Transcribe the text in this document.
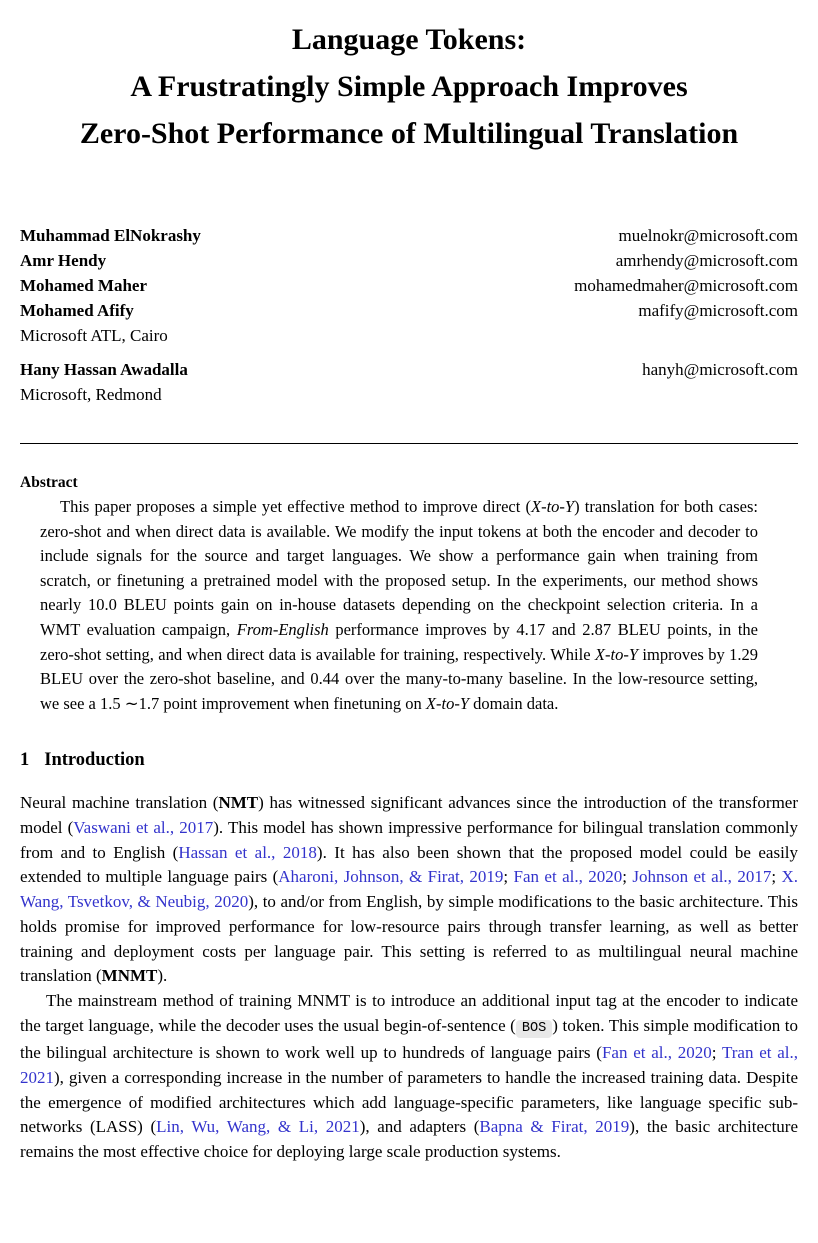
Language Tokens:
A Frustratingly Simple Approach Improves
Zero-Shot Performance of Multilingual Translation
Muhammad ElNokrashy	muelnokr@microsoft.com
Amr Hendy	amrhendy@microsoft.com
Mohamed Maher	mohamedmaher@microsoft.com
Mohamed Afify	mafify@microsoft.com
Microsoft ATL, Cairo
Hany Hassan Awadalla	hanyh@microsoft.com
Microsoft, Redmond
Abstract

This paper proposes a simple yet effective method to improve direct (X-to-Y) translation for both cases: zero-shot and when direct data is available. We modify the input tokens at both the encoder and decoder to include signals for the source and target languages. We show a performance gain when training from scratch, or finetuning a pretrained model with the proposed setup. In the experiments, our method shows nearly 10.0 BLEU points gain on in-house datasets depending on the checkpoint selection criteria. In a WMT evaluation campaign, From-English performance improves by 4.17 and 2.87 BLEU points, in the zero-shot setting, and when direct data is available for training, respectively. While X-to-Y improves by 1.29 BLEU over the zero-shot baseline, and 0.44 over the many-to-many baseline. In the low-resource setting, we see a 1.5 ∼1.7 point improvement when finetuning on X-to-Y domain data.

1 Introduction

Neural machine translation (NMT) has witnessed significant advances since the introduction of the transformer model (Vaswani et al., 2017). This model has shown impressive performance for bilingual translation commonly from and to English (Hassan et al., 2018). It has also been shown that the proposed model could be easily extended to multiple language pairs (Aharoni, Johnson, & Firat, 2019; Fan et al., 2020; Johnson et al., 2017; X. Wang, Tsvetkov, & Neubig, 2020), to and/or from English, by simple modifications to the basic architecture. This holds promise for improved performance for low-resource pairs through transfer learning, as well as better training and deployment costs per language pair. This setting is referred to as multilingual neural machine translation (MNMT).

The mainstream method of training MNMT is to introduce an additional input tag at the encoder to indicate the target language, while the decoder uses the usual begin-of-sentence ( BOS ) token. This simple modification to the bilingual architecture is shown to work well up to hundreds of language pairs (Fan et al., 2020; Tran et al., 2021), given a corresponding increase in the number of parameters to handle the increased training data. Despite the emergence of modified architectures which add language-specific parameters, like language specific sub-networks (LASS) (Lin, Wu, Wang, & Li, 2021), and adapters (Bapna & Firat, 2019), the basic architecture remains the most effective choice for deploying large scale production systems.
